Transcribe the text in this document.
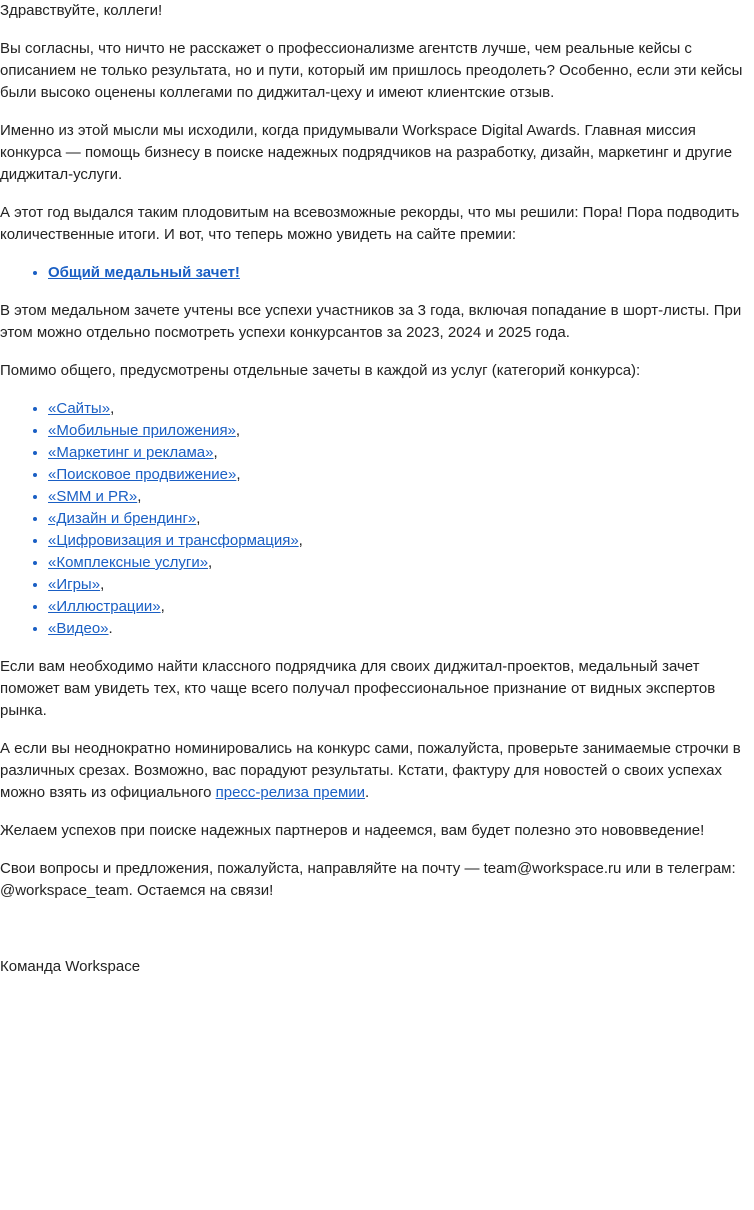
Здравствуйте, коллеги!

Вы согласны, что ничто не расскажет о профессионализме агентств лучше, чем реальные кейсы с описанием не только результата, но и пути, который им пришлось преодолеть? Особенно, если эти кейсы были высоко оценены коллегами по диджитал-цеху и имеют клиентские отзыв.

Именно из этой мысли мы исходили, когда придумывали Workspace Digital Awards. Главная миссия конкурса — помощь бизнесу в поиске надежных подрядчиков на разработку, дизайн, маркетинг и другие диджитал-услуги.

А этот год выдался таким плодовитым на всевозможные рекорды, что мы решили: Пора! Пора подводить количественные итоги. И вот, что теперь можно увидеть на сайте премии:

• Общий медальный зачет!

В этом медальном зачете учтены все успехи участников за 3 года, включая попадание в шорт-листы. При этом можно отдельно посмотреть успехи конкурсантов за 2023, 2024 и 2025 года.

Помимо общего, предусмотрены отдельные зачеты в каждой из услуг (категорий конкурса):

• «Сайты»,
• «Мобильные приложения»,
• «Маркетинг и реклама»,
• «Поисковое продвижение»,
• «SMM и PR»,
• «Дизайн и брендинг»,
• «Цифровизация и трансформация»,
• «Комплексные услуги»,
• «Игры»,
• «Иллюстрации»,
• «Видео».

Если вам необходимо найти классного подрядчика для своих диджитал-проектов, медальный зачет поможет вам увидеть тех, кто чаще всего получал профессиональное признание от видных экспертов рынка.

А если вы неоднократно номинировались на конкурс сами, пожалуйста, проверьте занимаемые строчки в различных срезах. Возможно, вас порадуют результаты. Кстати, фактуру для новостей о своих успехах можно взять из официального пресс-релиза премии.

Желаем успехов при поиске надежных партнеров и надеемся, вам будет полезно это нововведение!

Свои вопросы и предложения, пожалуйста, направляйте на почту — team@workspace.ru или в телеграм: @workspace_team. Остаемся на связи!

Команда Workspace
